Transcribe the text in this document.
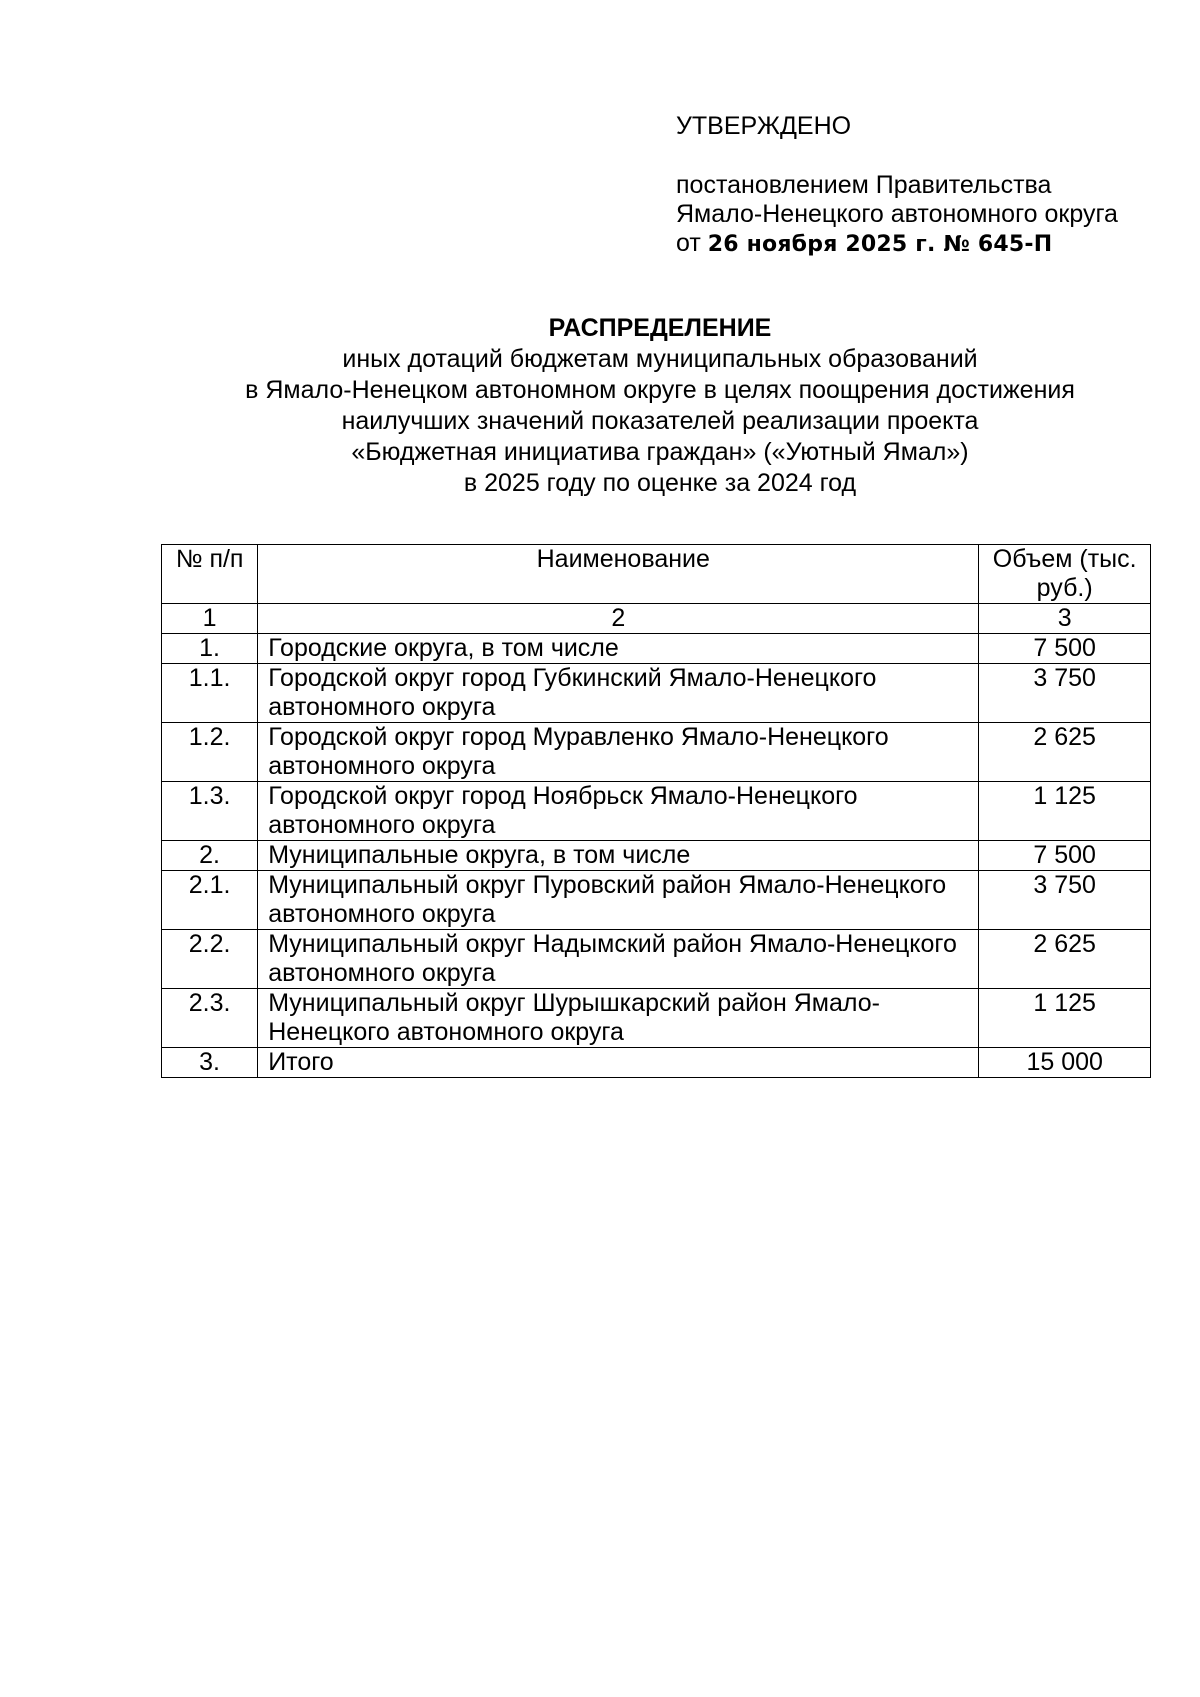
УТВЕРЖДЕНО
постановлением Правительства
Ямало-Ненецкого автономного округа
от 26 ноября 2025 г. № 645-П
РАСПРЕДЕЛЕНИЕ
иных дотаций бюджетам муниципальных образований
в Ямало-Ненецком автономном округе в целях поощрения достижения
наилучших значений показателей реализации проекта
«Бюджетная инициатива граждан» («Уютный Ямал»)
в 2025 году по оценке за 2024 год
№ п/п	Наименование	Объем (тыс. руб.)
1	2	3
1.	Городские округа, в том числе	7 500
1.1.	Городской округ город Губкинский Ямало-Ненецкого автономного округа	3 750
1.2.	Городской округ город Муравленко Ямало-Ненецкого автономного округа	2 625
1.3.	Городской округ город Ноябрьск Ямало-Ненецкого автономного округа	1 125
2.	Муниципальные округа, в том числе	7 500
2.1.	Муниципальный округ Пуровский район Ямало-Ненецкого автономного округа	3 750
2.2.	Муниципальный округ Надымский район Ямало-Ненецкого автономного округа	2 625
2.3.	Муниципальный округ Шурышкарский район Ямало-Ненецкого автономного округа	1 125
3.	Итого	15 000
